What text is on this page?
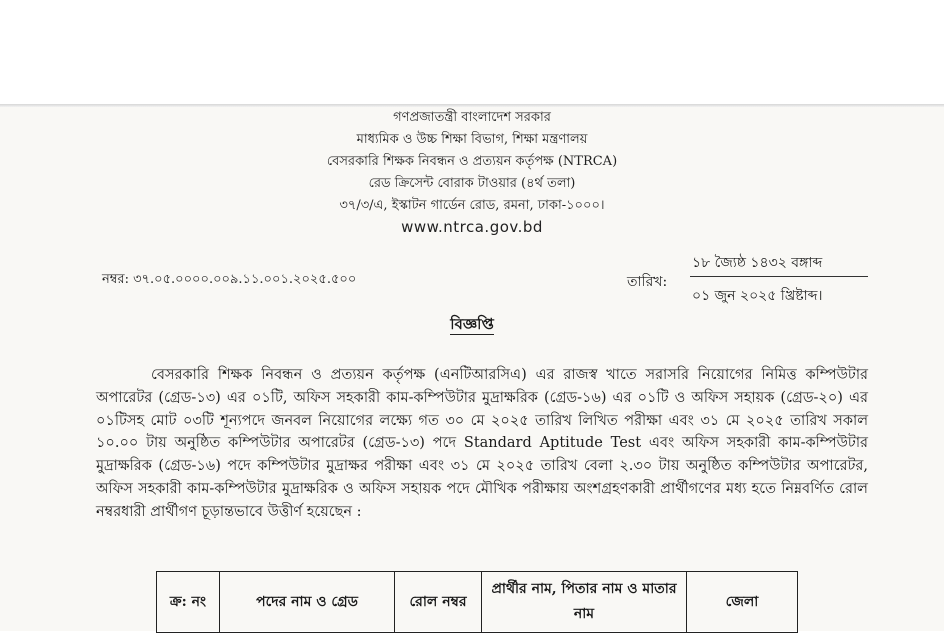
গণপ্রজাতন্ত্রী বাংলাদেশ সরকার
মাধ্যমিক ও উচ্চ শিক্ষা বিভাগ, শিক্ষা মন্ত্রণালয়
বেসরকারি শিক্ষক নিবন্ধন ও প্রত্যয়ন কর্তৃপক্ষ (NTRCA)
রেড ক্রিসেন্ট বোরাক টাওয়ার (৪র্থ তলা)
৩৭/৩/এ, ইস্কাটন গার্ডেন রোড, রমনা, ঢাকা-১০০০।
www.ntrca.gov.bd
নম্বর: ৩৭.০৫.০০০০.০০৯.১১.০০১.২০২৫.৫০০	তারিখ:
১৮ জ্যৈষ্ঠ ১৪৩২ বঙ্গাব্দ
০১ জুন ২০২৫ খ্রিষ্টাব্দ।
বিজ্ঞপ্তি
বেসরকারি শিক্ষক নিবন্ধন ও প্রত্যয়ন কর্তৃপক্ষ (এনটিআরসিএ) এর রাজস্ব খাতে সরাসরি নিয়োগের নিমিত্ত কম্পিউটার অপারেটর (গ্রেড-১৩) এর ০১টি, অফিস সহকারী কাম-কম্পিউটার মুদ্রাক্ষরিক (গ্রেড-১৬) এর ০১টি ও অফিস সহায়ক (গ্রেড-২০) এর ০১টিসহ মোট ০৩টি শূন্যপদে জনবল নিয়োগের লক্ষ্যে গত ৩০ মে ২০২৫ তারিখ লিখিত পরীক্ষা এবং ৩১ মে ২০২৫ তারিখ সকাল ১০.০০ টায় অনুষ্ঠিত কম্পিউটার অপারেটর (গ্রেড-১৩) পদে Standard Aptitude Test এবং অফিস সহকারী কাম-কম্পিউটার মুদ্রাক্ষরিক (গ্রেড-১৬) পদে কম্পিউটার মুদ্রাক্ষর পরীক্ষা এবং ৩১ মে ২০২৫ তারিখ বেলা ২.৩০ টায় অনুষ্ঠিত কম্পিউটার অপারেটর, অফিস সহকারী কাম-কম্পিউটার মুদ্রাক্ষরিক ও অফিস সহায়ক পদে মৌখিক পরীক্ষায় অংশগ্রহণকারী প্রার্থীগণের মধ্য হতে নিম্নবর্ণিত রোল নম্বরধারী প্রার্থীগণ চূড়ান্তভাবে উত্তীর্ণ হয়েছেন :
ক্র: নং	পদের নাম ও গ্রেড	রোল নম্বর	প্রার্থীর নাম, পিতার নাম ও মাতার নাম	জেলা
